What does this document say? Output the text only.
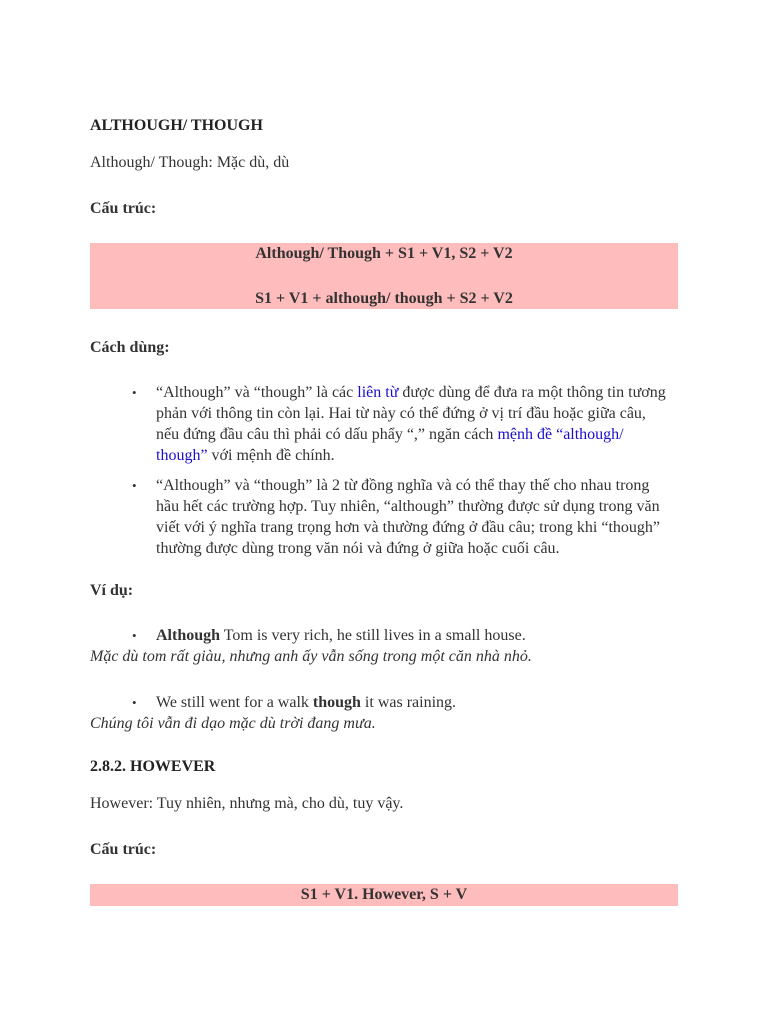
ALTHOUGH/ THOUGH

Although/ Though: Mặc dù, dù

Cấu trúc:

Although/ Though + S1 + V1, S2 + V2
S1 + V1 + although/ though + S2 + V2

Cách dùng:

• “Although” và “though” là các liên từ được dùng để đưa ra một thông tin tương phản với thông tin còn lại. Hai từ này có thể đứng ở vị trí đầu hoặc giữa câu, nếu đứng đầu câu thì phải có dấu phẩy “,” ngăn cách mệnh đề “although/ though” với mệnh đề chính.
• “Although” và “though” là 2 từ đồng nghĩa và có thể thay thế cho nhau trong hầu hết các trường hợp. Tuy nhiên, “although” thường được sử dụng trong văn viết với ý nghĩa trang trọng hơn và thường đứng ở đầu câu; trong khi “though” thường được dùng trong văn nói và đứng ở giữa hoặc cuối câu.

Ví dụ:

• Although Tom is very rich, he still lives in a small house.

Mặc dù tom rất giàu, nhưng anh ấy vẫn sống trong một căn nhà nhỏ.

• We still went for a walk though it was raining.

Chúng tôi vẫn đi dạo mặc dù trời đang mưa.

2.8.2. HOWEVER

However: Tuy nhiên, nhưng mà, cho dù, tuy vậy.

Cấu trúc:

S1 + V1. However, S + V
